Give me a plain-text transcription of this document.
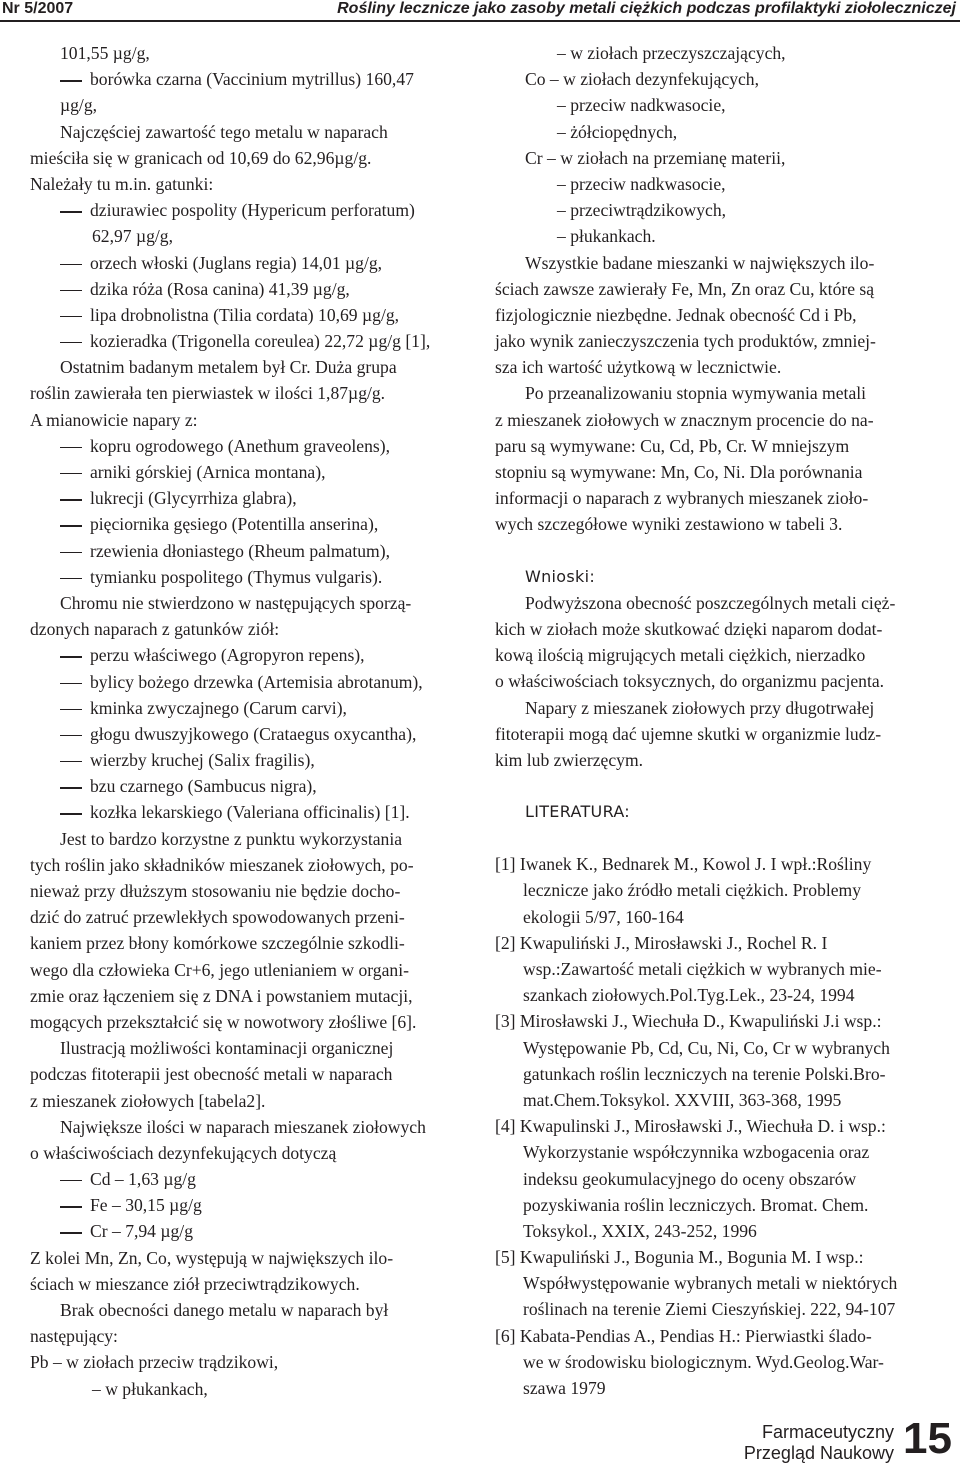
Nr 5/2007	Rośliny lecznicze jako zasoby metali ciężkich podczas profilaktyki ziołoleczniczej
101,55 µg/g,
borówka czarna (Vaccinium mytrillus) 160,47
µg/g,
Najczęściej zawartość tego metalu w naparach
mieściła się w granicach od 10,69 do 62,96µg/g.
Należały tu m.in. gatunki:
dziurawiec pospolity (Hypericum perforatum)
62,97 µg/g,
orzech włoski (Juglans regia) 14,01 µg/g,
dzika róża (Rosa canina) 41,39 µg/g,
lipa drobnolistna (Tilia cordata) 10,69 µg/g,
kozieradka (Trigonella coreulea) 22,72 µg/g [1],
Ostatnim badanym metalem był Cr. Duża grupa
roślin zawierała ten pierwiastek w ilości 1,87µg/g.
A mianowicie napary z:
kopru ogrodowego (Anethum graveolens),
arniki górskiej (Arnica montana),
lukrecji (Glycyrrhiza glabra),
pięciornika gęsiego (Potentilla anserina),
rzewienia dłoniastego (Rheum palmatum),
tymianku pospolitego (Thymus vulgaris).
Chromu nie stwierdzono w następujących sporzą-
dzonych naparach z gatunków ziół:
perzu właściwego (Agropyron repens),
bylicy bożego drzewka (Artemisia abrotanum),
kminka zwyczajnego (Carum carvi),
głogu dwuszyjkowego (Crataegus oxycantha),
wierzby kruchej (Salix fragilis),
bzu czarnego (Sambucus nigra),
kozłka lekarskiego (Valeriana officinalis) [1].
Jest to bardzo korzystne z punktu wykorzystania
tych roślin jako składników mieszanek ziołowych, po-
nieważ przy dłuższym stosowaniu nie będzie docho-
dzić do zatruć przewlekłych spowodowanych przeni-
kaniem przez błony komórkowe szczególnie szkodli-
wego dla człowieka Cr+6, jego utlenianiem w organi-
zmie oraz łączeniem się z DNA i powstaniem mutacji,
mogących przekształcić się w nowotwory złośliwe [6].
Ilustracją możliwości kontaminacji organicznej
podczas fitoterapii jest obecność metali w naparach
z mieszanek ziołowych [tabela2].
Największe ilości w naparach mieszanek ziołowych
o właściwościach dezynfekujących dotyczą
Cd – 1,63 µg/g
Fe – 30,15 µg/g
Cr – 7,94 µg/g
Z kolei Mn, Zn, Co, występują w największych ilo-
ściach w mieszance ziół przeciwtrądzikowych.
Brak obecności danego metalu w naparach był
następujący:
Pb – w ziołach przeciw trądzikowi,
– w płukankach,
– w ziołach przeczyszczających,
Co – w ziołach dezynfekujących,
– przeciw nadkwasocie,
– żółciopędnych,
Cr – w ziołach na przemianę materii,
– przeciw nadkwasocie,
– przeciwtrądzikowych,
– płukankach.
Wszystkie badane mieszanki w największych ilo-
ściach zawsze zawierały Fe, Mn, Zn oraz Cu, które są
fizjologicznie niezbędne. Jednak obecność Cd i Pb,
jako wynik zanieczyszczenia tych produktów, zmniej-
sza ich wartość użytkową w lecznictwie.
Po przeanalizowaniu stopnia wymywania metali
z mieszanek ziołowych w znacznym procencie do na-
paru są wymywane: Cu, Cd, Pb, Cr. W mniejszym
stopniu są wymywane: Mn, Co, Ni. Dla porównania
informacji o naparach z wybranych mieszanek zioło-
wych szczegółowe wyniki zestawiono w tabeli 3.
Wnioski:
Podwyższona obecność poszczególnych metali cięż-
kich w ziołach może skutkować dzięki naparom dodat-
kową ilością migrujących metali ciężkich, nierzadko
o właściwościach toksycznych, do organizmu pacjenta.
Napary z mieszanek ziołowych przy długotrwałej
fitoterapii mogą dać ujemne skutki w organizmie ludz-
kim lub zwierzęcym.
LITERATURA:
[1] Iwanek K., Bednarek M., Kowol J. I wpł.:Rośliny
lecznicze jako źródło metali ciężkich. Problemy
ekologii 5/97, 160-164
[2] Kwapuliński J., Mirosławski J., Rochel R. I
wsp.:Zawartość metali ciężkich w wybranych mie-
szankach ziołowych.Pol.Tyg.Lek., 23-24, 1994
[3] Mirosławski J., Wiechuła D., Kwapuliński J.i wsp.:
Występowanie Pb, Cd, Cu, Ni, Co, Cr w wybranych
gatunkach roślin leczniczych na terenie Polski.Bro-
mat.Chem.Toksykol. XXVIII, 363-368, 1995
[4] Kwapulinski J., Mirosławski J., Wiechuła D. i wsp.:
Wykorzystanie współczynnika wzbogacenia oraz
indeksu geokumulacyjnego do oceny obszarów
pozyskiwania roślin leczniczych. Bromat. Chem.
Toksykol., XXIX, 243-252, 1996
[5] Kwapuliński J., Bogunia M., Bogunia M. I wsp.:
Współwystępowanie wybranych metali w niektórych
roślinach na terenie Ziemi Cieszyńskiej. 222, 94-107
[6] Kabata-Pendias A., Pendias H.: Pierwiastki ślado-
we w środowisku biologicznym. Wyd.Geolog.War-
szawa 1979
Farmaceutyczny
Przegląd Naukowy 15
